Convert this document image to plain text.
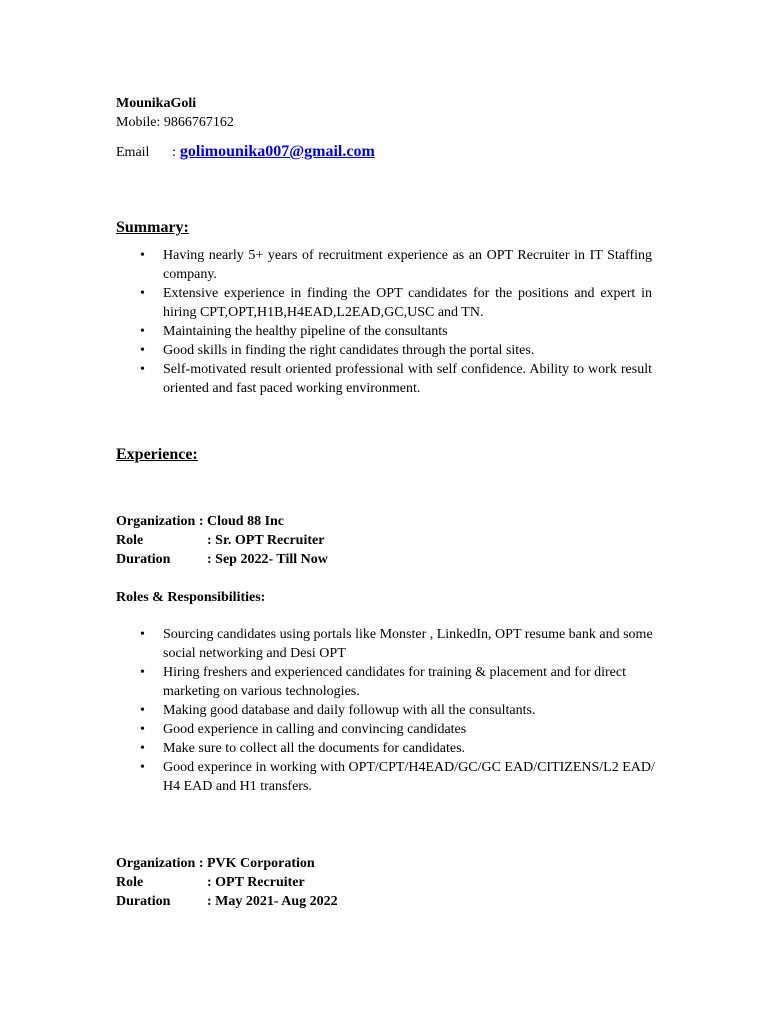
MounikaGoli
Mobile: 9866767162
Email : golimounika007@gmail.com
Summary:
• Having nearly 5+ years of recruitment experience as an OPT Recruiter in IT Staffing company.
• Extensive experience in finding the OPT candidates for the positions and expert in hiring CPT,OPT,H1B,H4EAD,L2EAD,GC,USC and TN.
• Maintaining the healthy pipeline of the consultants
• Good skills in finding the right candidates through the portal sites.
• Self-motivated result oriented professional with self confidence. Ability to work result oriented and fast paced working environment.
Experience:
Organization : Cloud 88 Inc
Role	: Sr. OPT Recruiter
Duration	: Sep 2022- Till Now
Roles & Responsibilities:
• Sourcing candidates using portals like Monster , LinkedIn, OPT resume bank and some social networking and Desi OPT
• Hiring freshers and experienced candidates for training & placement and for direct marketing on various technologies.
• Making good database and daily followup with all the consultants.
• Good experience in calling and convincing candidates
• Make sure to collect all the documents for candidates.
• Good experince in working with OPT/CPT/H4EAD/GC/GC EAD/CITIZENS/L2 EAD/ H4 EAD and H1 transfers.
Organization : PVK Corporation
Role	: OPT Recruiter
Duration	: May 2021- Aug 2022
